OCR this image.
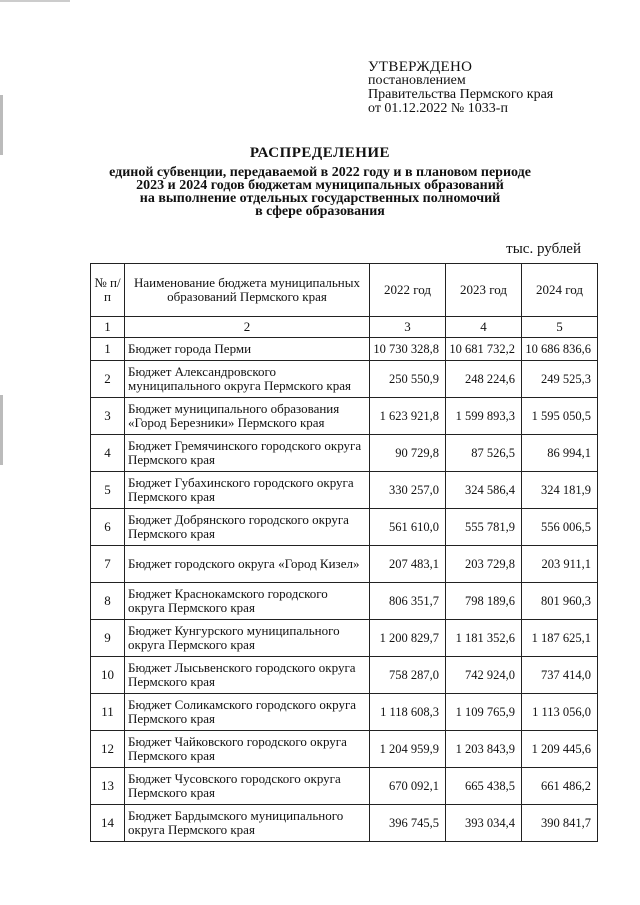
УТВЕРЖДЕНО
постановлением
Правительства Пермского края
от 01.12.2022 № 1033-п
РАСПРЕДЕЛЕНИЕ
единой субвенции, передаваемой в 2022 году и в плановом периоде
2023 и 2024 годов бюджетам муниципальных образований
на выполнение отдельных государственных полномочий
в сфере образования
тыс. рублей
№ п/п	Наименование бюджета муниципальных образований Пермского края	2022 год	2023 год	2024 год
1	2	3	4	5
1	Бюджет города Перми	10 730 328,8	10 681 732,2	10 686 836,6
2	Бюджет Александровского муниципального округа Пермского края	250 550,9	248 224,6	249 525,3
3	Бюджет муниципального образования «Город Березники» Пермского края	1 623 921,8	1 599 893,3	1 595 050,5
4	Бюджет Гремячинского городского округа Пермского края	90 729,8	87 526,5	86 994,1
5	Бюджет Губахинского городского округа Пермского края	330 257,0	324 586,4	324 181,9
6	Бюджет Добрянского городского округа Пермского края	561 610,0	555 781,9	556 006,5
7	Бюджет городского округа «Город Кизел»	207 483,1	203 729,8	203 911,1
8	Бюджет Краснокамского городского округа Пермского края	806 351,7	798 189,6	801 960,3
9	Бюджет Кунгурского муниципального округа Пермского края	1 200 829,7	1 181 352,6	1 187 625,1
10	Бюджет Лысьвенского городского округа Пермского края	758 287,0	742 924,0	737 414,0
11	Бюджет Соликамского городского округа Пермского края	1 118 608,3	1 109 765,9	1 113 056,0
12	Бюджет Чайковского городского округа Пермского края	1 204 959,9	1 203 843,9	1 209 445,6
13	Бюджет Чусовского городского округа Пермского края	670 092,1	665 438,5	661 486,2
14	Бюджет Бардымского муниципального округа Пермского края	396 745,5	393 034,4	390 841,7
